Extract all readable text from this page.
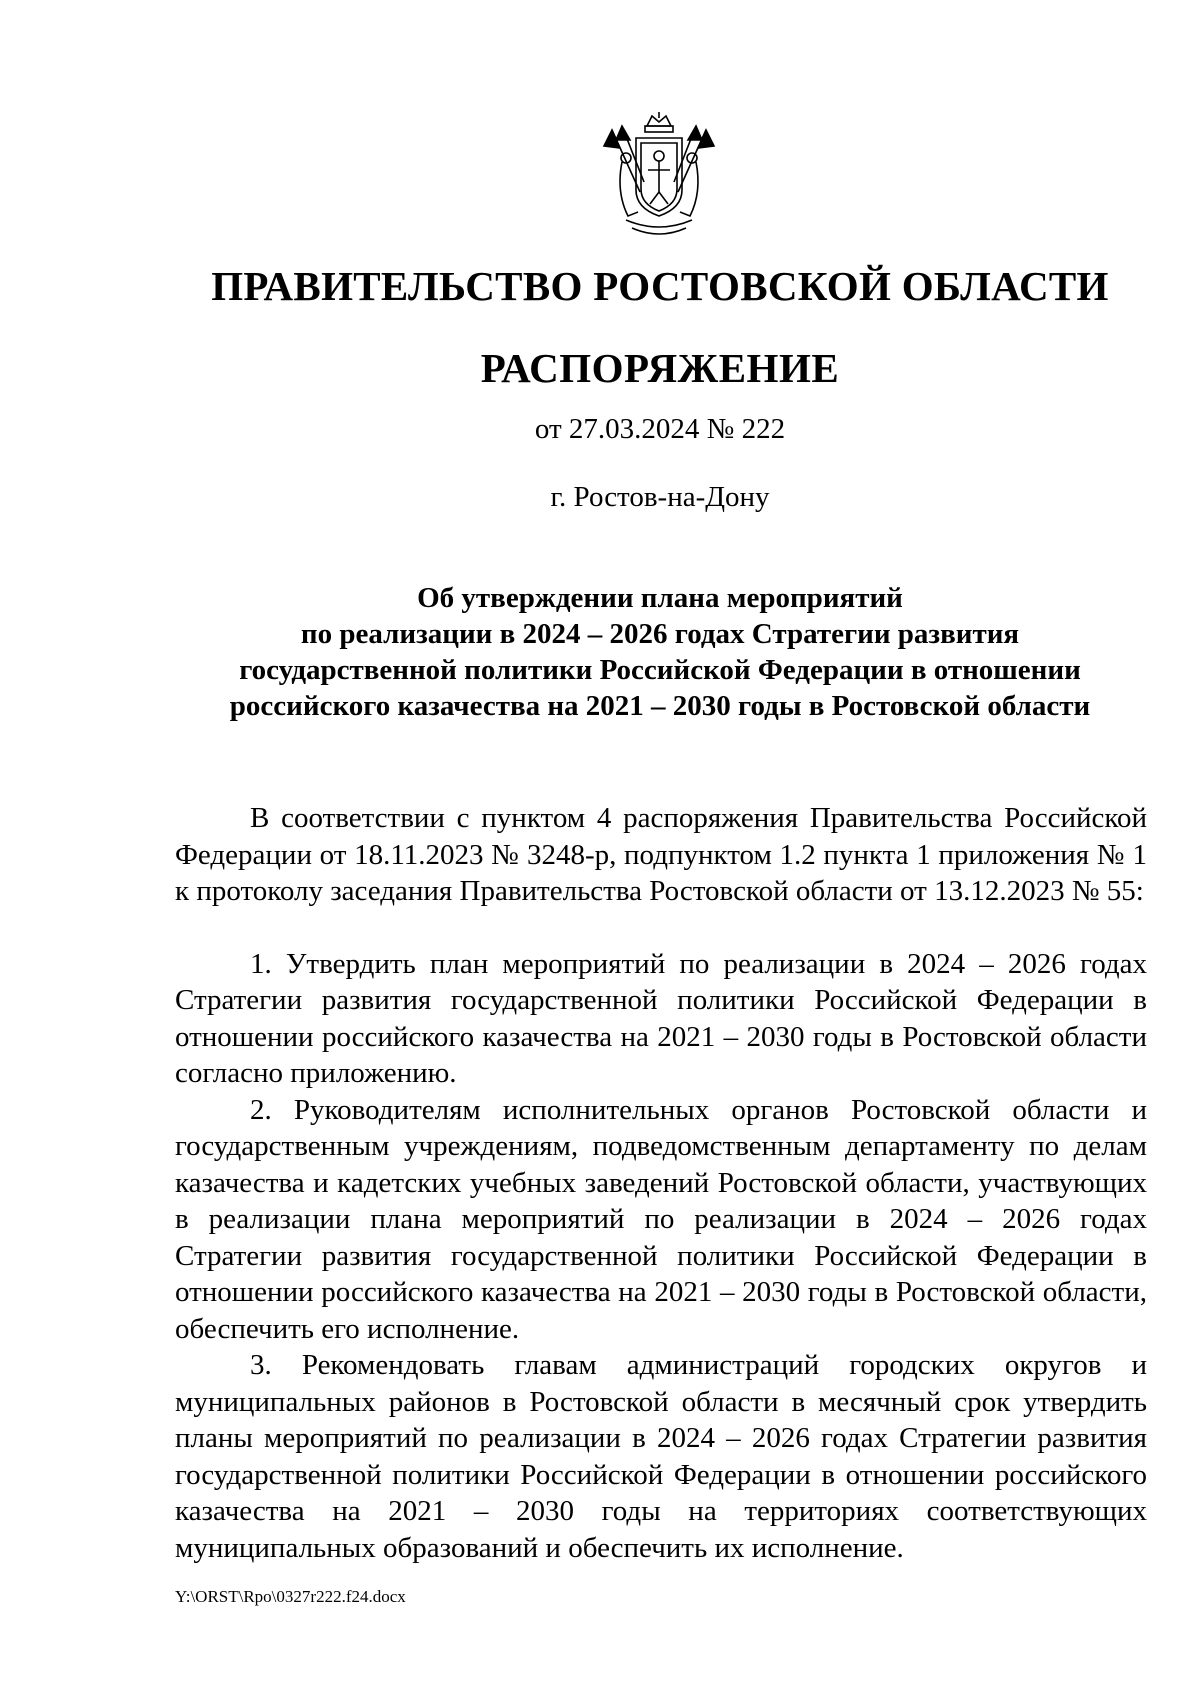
ПРАВИТЕЛЬСТВО РОСТОВСКОЙ ОБЛАСТИ
РАСПОРЯЖЕНИЕ
от 27.03.2024 № 222
г. Ростов-на-Дону
Об утверждении плана мероприятий
по реализации в 2024 – 2026 годах Стратегии развития
государственной политики Российской Федерации в отношении
российского казачества на 2021 – 2030 годы в Ростовской области

В соответствии с пунктом 4 распоряжения Правительства Российской Федерации от 18.11.2023 № 3248-р, подпунктом 1.2 пункта 1 приложения № 1 к протоколу заседания Правительства Ростовской области от 13.12.2023 № 55:

1. Утвердить план мероприятий по реализации в 2024 – 2026 годах Стратегии развития государственной политики Российской Федерации в отношении российского казачества на 2021 – 2030 годы в Ростовской области согласно приложению.

2. Руководителям исполнительных органов Ростовской области и государственным учреждениям, подведомственным департаменту по делам казачества и кадетских учебных заведений Ростовской области, участвующих в реализации плана мероприятий по реализации в 2024 – 2026 годах Стратегии развития государственной политики Российской Федерации в отношении российского казачества на 2021 – 2030 годы в Ростовской области, обеспечить его исполнение.

3. Рекомендовать главам администраций городских округов и муниципальных районов в Ростовской области в месячный срок утвердить планы мероприятий по реализации в 2024 – 2026 годах Стратегии развития государственной политики Российской Федерации в отношении российского казачества на 2021 – 2030 годы на территориях соответствующих муниципальных образований и обеспечить их исполнение.

Y:\ORST\Rpo\0327r222.f24.docx
